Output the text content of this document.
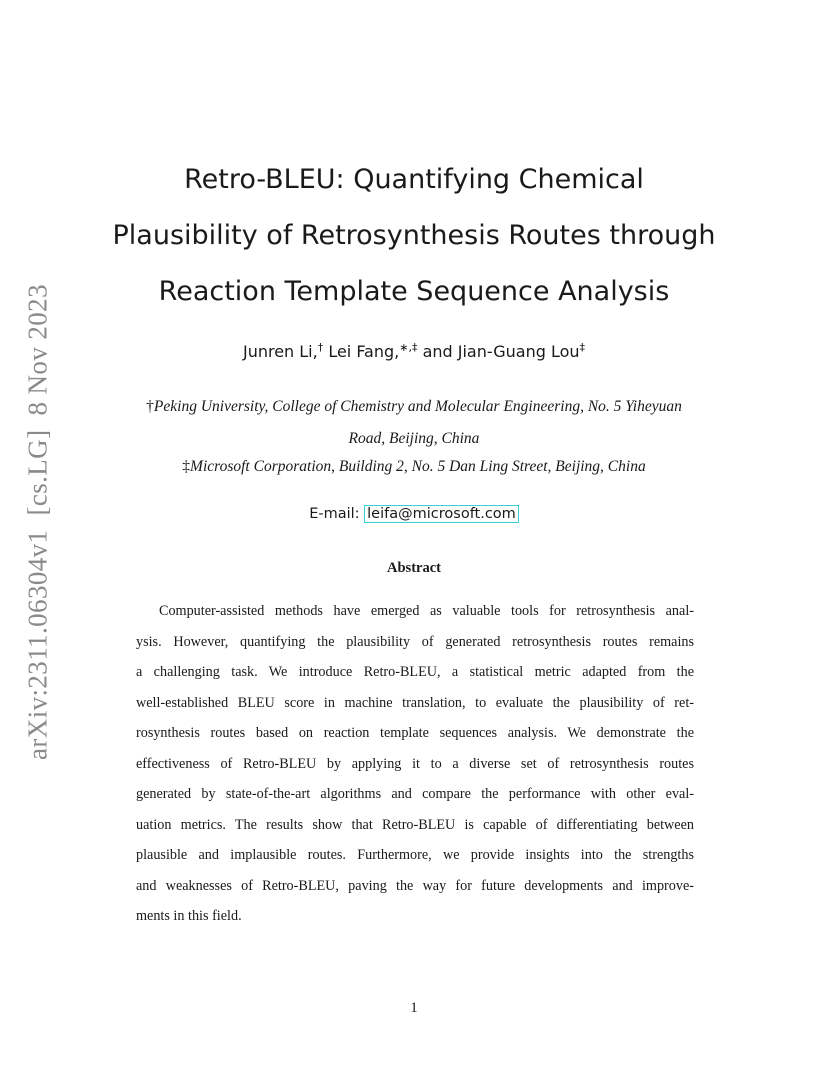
arXiv:2311.06304v1[cs.LG]8 Nov 2023
Retro-BLEU: Quantifying Chemical
Plausibility of Retrosynthesis Routes through
Reaction Template Sequence Analysis
Junren Li,† Lei Fang,∗,‡ and Jian-Guang Lou‡
†Peking University, College of Chemistry and Molecular Engineering, No. 5 Yiheyuan
Road, Beijing, China
‡Microsoft Corporation, Building 2, No. 5 Dan Ling Street, Beijing, China
E-mail: leifa@microsoft.com
Abstract
Computer-assisted methods have emerged as valuable tools for retrosynthesis anal-
ysis. However, quantifying the plausibility of generated retrosynthesis routes remains
a challenging task. We introduce Retro-BLEU, a statistical metric adapted from the
well-established BLEU score in machine translation, to evaluate the plausibility of ret-
rosynthesis routes based on reaction template sequences analysis. We demonstrate the
effectiveness of Retro-BLEU by applying it to a diverse set of retrosynthesis routes
generated by state-of-the-art algorithms and compare the performance with other eval-
uation metrics. The results show that Retro-BLEU is capable of differentiating between
plausible and implausible routes. Furthermore, we provide insights into the strengths
and weaknesses of Retro-BLEU, paving the way for future developments and improve-
ments in this field.
1
